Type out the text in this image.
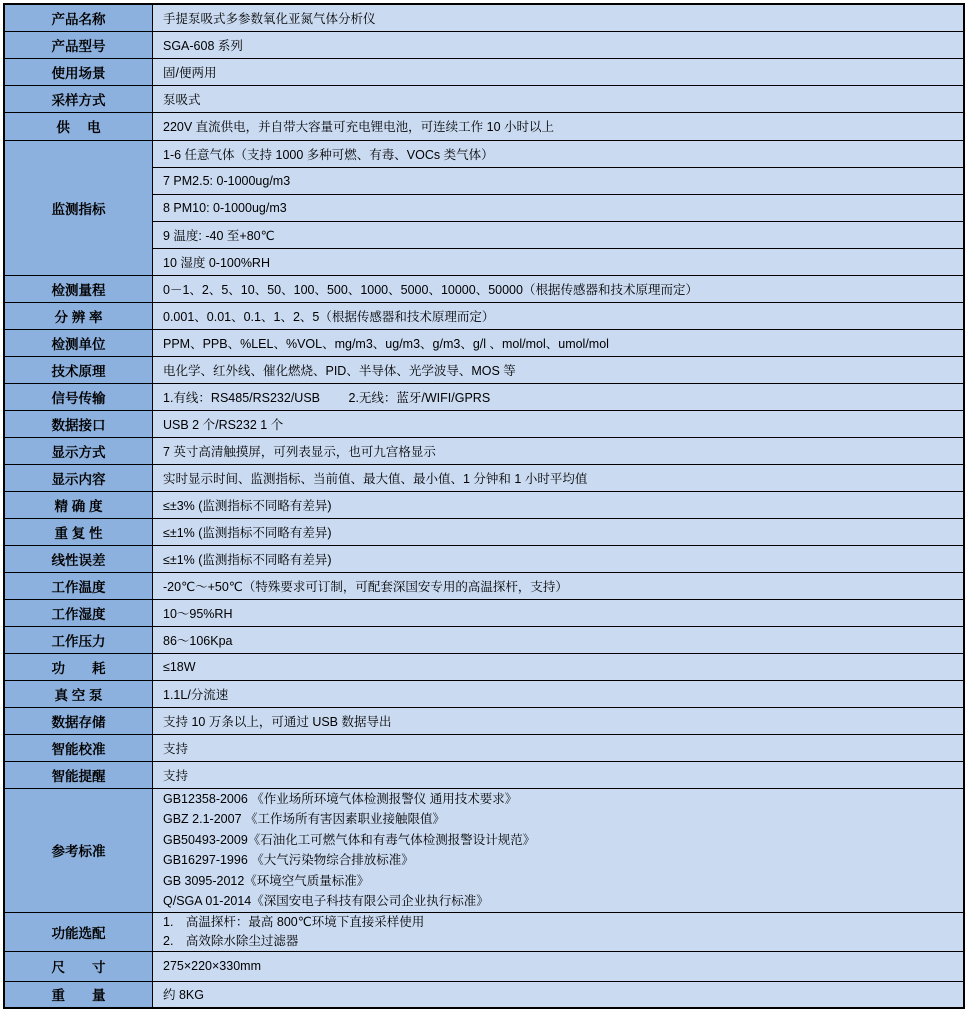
产品名称	手提泵吸式多参数氧化亚氮气体分析仪
产品型号	SGA-608 系列
使用场景	固/便两用
采样方式	泵吸式
供　 电	220V 直流供电，并自带大容量可充电锂电池，可连续工作 10 小时以上
监测指标	1-6 任意气体（支持 1000 多种可燃、有毒、VOCs 类气体）
	7 PM2.5: 0-1000ug/m3
	8 PM10: 0-1000ug/m3
	9 温度: -40 至+80℃
	10 湿度 0-100%RH
检测量程	0－1、2、5、10、50、100、500、1000、5000、10000、50000（根据传感器和技术原理而定）
分 辨 率	0.001、0.01、0.1、1、2、5（根据传感器和技术原理而定）
检测单位	PPM、PPB、%LEL、%VOL、mg/m3、ug/m3、g/m3、g/l 、mol/mol、umol/mol
技术原理	电化学、红外线、催化燃烧、PID、半导体、光学波导、MOS 等
信号传输	1.有线：RS485/RS232/USB　　 2.无线：蓝牙/WIFI/GPRS
数据接口	USB 2 个/RS232 1 个
显示方式	7 英寸高清触摸屏，可列表显示，也可九宫格显示
显示内容	实时显示时间、监测指标、当前值、最大值、最小值、1 分钟和 1 小时平均值
精 确 度	≤±3% (监测指标不同略有差异)
重 复 性	≤±1% (监测指标不同略有差异)
线性误差	≤±1% (监测指标不同略有差异)
工作温度	-20℃～+50℃（特殊要求可订制，可配套深国安专用的高温探杆，支持）
工作湿度	10～95%RH
工作压力	86～106Kpa
功　　耗	≤18W
真 空 泵	1.1L/分流速
数据存储	支持 10 万条以上，可通过 USB 数据导出
智能校准	支持
智能提醒	支持
参考标准	
GB12358-2006 《作业场所环境气体检测报警仪 通用技术要求》
GBZ 2.1-2007 《工作场所有害因素职业接触限值》
GB50493-2009《石油化工可燃气体和有毒气体检测报警设计规范》
GB16297-1996 《大气污染物综合排放标准》
GB 3095-2012《环境空气质量标准》
Q/SGA 01-2014《深国安电子科技有限公司企业执行标准》

功能选配	1.　高温探杆：最高 800℃环境下直接采样使用
2.　高效除水除尘过滤器

尺　　寸	275×220×330mm
重　　量	约 8KG
